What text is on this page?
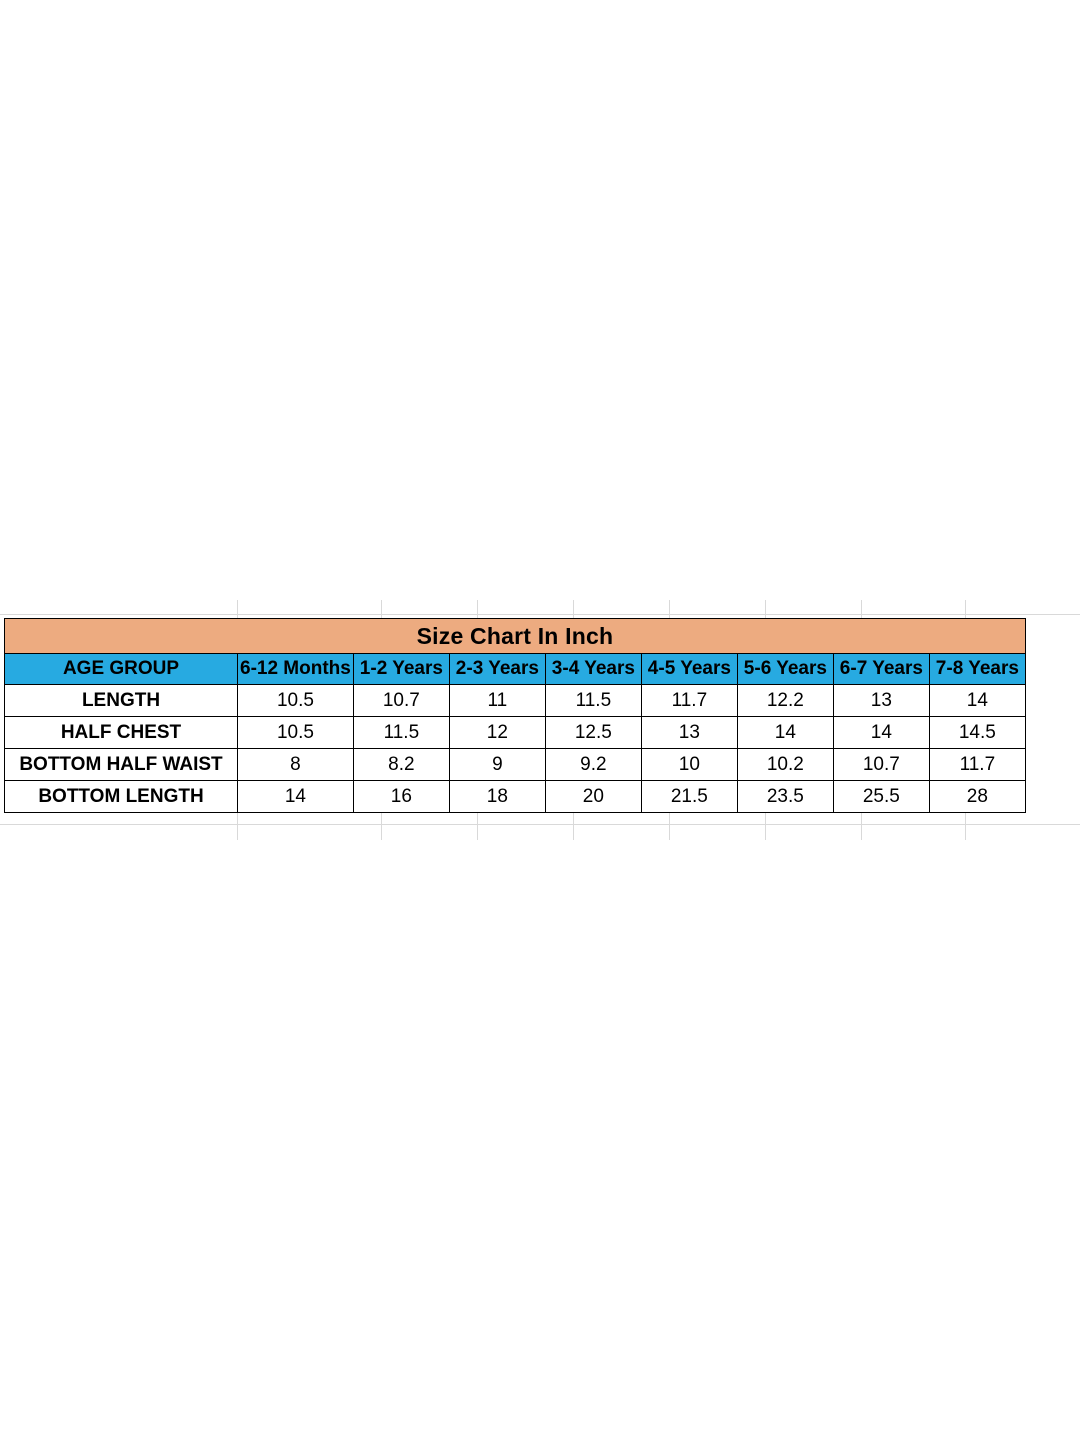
Size Chart In Inch								
AGE GROUP	6-12 Months	1-2 Years	2-3 Years	3-4 Years	4-5 Years	5-6 Years	6-7 Years	7-8 Years
LENGTH	10.5	10.7	11	11.5	11.7	12.2	13	14
HALF CHEST	10.5	11.5	12	12.5	13	14	14	14.5
BOTTOM HALF WAIST	8	8.2	9	9.2	10	10.2	10.7	11.7
BOTTOM LENGTH	14	16	18	20	21.5	23.5	25.5	28
